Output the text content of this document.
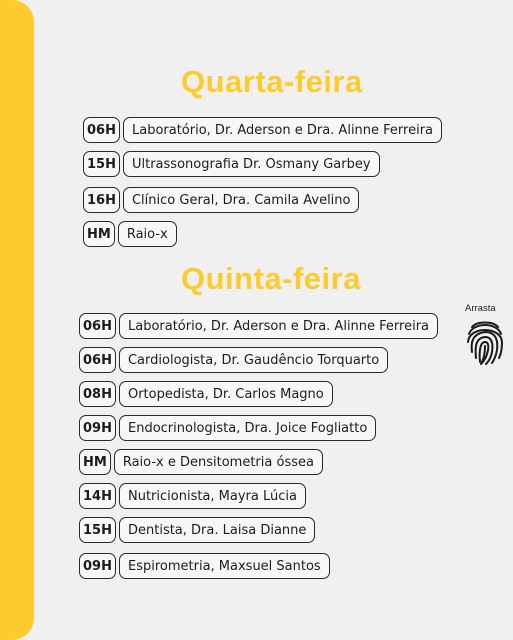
Quarta-feira
06H	Laboratório, Dr. Aderson e Dra. Alinne Ferreira
15H	Ultrassonografia Dr. Osmany Garbey
16H	Clínico Geral, Dra. Camila Avelino
HM	Raio-x
Quinta-feira
06H	Laboratório, Dr. Aderson e Dra. Alinne Ferreira
06H	Cardiologista, Dr. Gaudêncio Torquarto
08H	Ortopedista, Dr. Carlos Magno
09H	Endocrinologista, Dra. Joice Fogliatto
HM	Raio-x e Densitometria óssea
14H	Nutricionista, Mayra Lúcia
15H	Dentista, Dra. Laisa Dianne
09H	Espirometria, Maxsuel Santos
Arrasta
